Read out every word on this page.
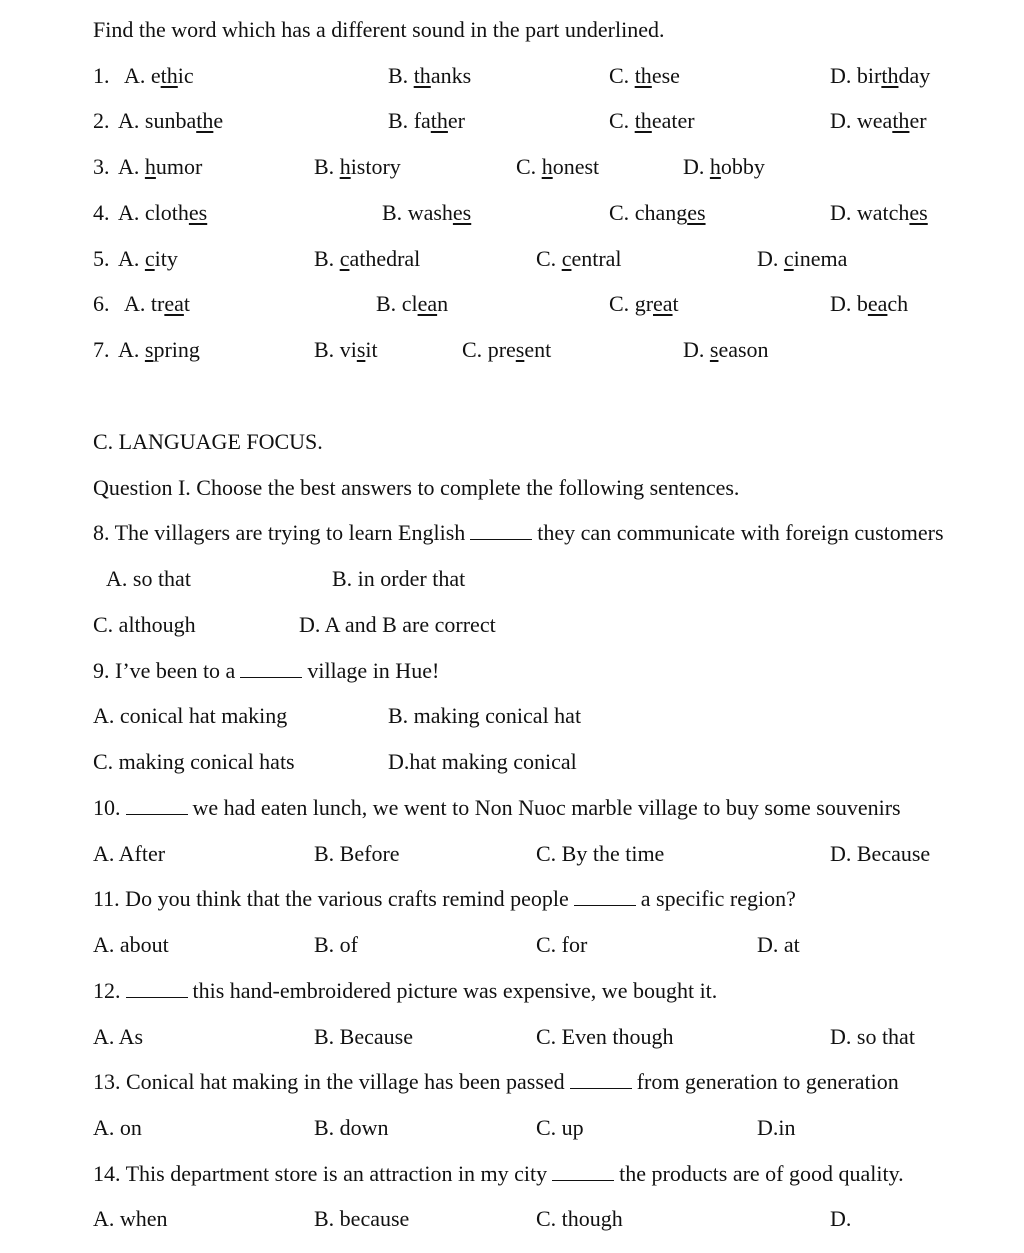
Find the word which has a different sound in the part underlined.
1. A. ethic	B. thanks	C. these	D. birthday
2. A. sunbathe	B. father	C. theater	D. weather
3. A. humor	B. history	C. honest	D. hobby
4. A. clothes	B. washes	C. changes	D. watches
5. A. city	B. cathedral	C. central	D. cinema
6. A. treat	B. clean	C. great	D. beach
7. A. spring	B. visit	C. present	D. season
C. LANGUAGE FOCUS.
Question I. Choose the best answers to complete the following sentences.
8. The villagers are trying to learn English	they can communicate with foreign customers
A. so that	B. in order that
C. although	D. A and B are correct
9. I’ve been to a	village in Hue!
A. conical hat making	B. making conical hat
C. making conical hats	D.hat making conical
10.	we had eaten lunch, we went to Non Nuoc marble village to buy some souvenirs
A. After	B. Before	C. By the time	D. Because
11. Do you think that the various crafts remind people	a specific region?
A. about	B. of	C. for	D. at
12.	this hand-embroidered picture was expensive, we bought it.
A. As	B. Because	C. Even though	D. so that
13. Conical hat making in the village has been passed	from generation to generation
A. on	B. down	C. up	D.in
14. This department store is an attraction in my city	the products are of good quality.
A. when	B. because	C. though	D.
